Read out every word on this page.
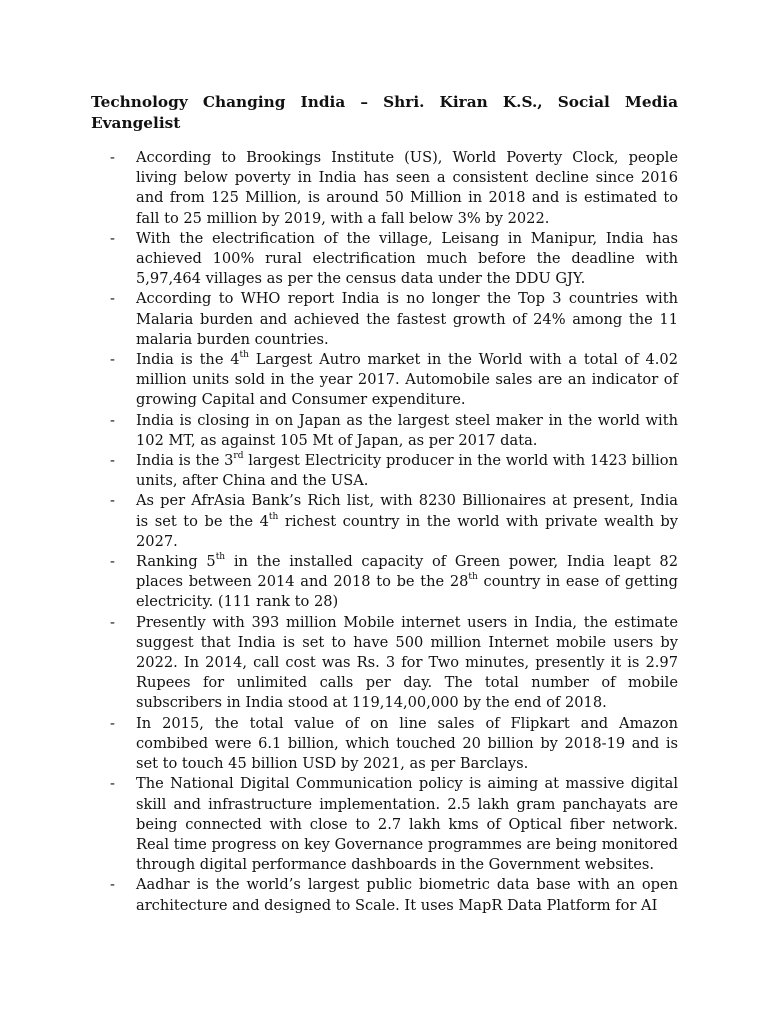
Technology Changing India – Shri. Kiran K.S., Social Media Evangelist

- According to Brookings Institute (US), World Poverty Clock, people living below poverty in India has seen a consistent decline since 2016 and from 125 Million, is around 50 Million in 2018 and is estimated to fall to 25 million by 2019, with a fall below 3% by 2022.
- With the electrification of the village, Leisang in Manipur, India has achieved 100% rural electrification much before the deadline with 5,97,464 villages as per the census data under the DDU GJY.
- According to WHO report India is no longer the Top 3 countries with Malaria burden and achieved the fastest growth of 24% among the 11 malaria burden countries.
- India is the 4th Largest Autro market in the World with a total of 4.02 million units sold in the year 2017. Automobile sales are an indicator of growing Capital and Consumer expenditure.
- India is closing in on Japan as the largest steel maker in the world with 102 MT, as against 105 Mt of Japan, as per 2017 data.
- India is the 3rd largest Electricity producer in the world with 1423 billion units, after China and the USA.
- As per AfrAsia Bank’s Rich list, with 8230 Billionaires at present, India is set to be the 4th richest country in the world with private wealth by 2027.
- Ranking 5th in the installed capacity of Green power, India leapt 82 places between 2014 and 2018 to be the 28th country in ease of getting electricity. (111 rank to 28)
- Presently with 393 million Mobile internet users in India, the estimate suggest that India is set to have 500 million Internet mobile users by 2022. In 2014, call cost was Rs. 3 for Two minutes, presently it is 2.97 Rupees for unlimited calls per day. The total number of mobile subscribers in India stood at 119,14,00,000 by the end of 2018.
- In 2015, the total value of on line sales of Flipkart and Amazon combibed were 6.1 billion, which touched 20 billion by 2018-19 and is set to touch 45 billion USD by 2021, as per Barclays.
- The National Digital Communication policy is aiming at massive digital skill and infrastructure implementation. 2.5 lakh gram panchayats are being connected with close to 2.7 lakh kms of Optical fiber network. Real time progress on key Governance programmes are being monitored through digital performance dashboards in the Government websites.
- Aadhar is the world’s largest public biometric data base with an open architecture and designed to Scale. It uses MapR Data Platform for AI
